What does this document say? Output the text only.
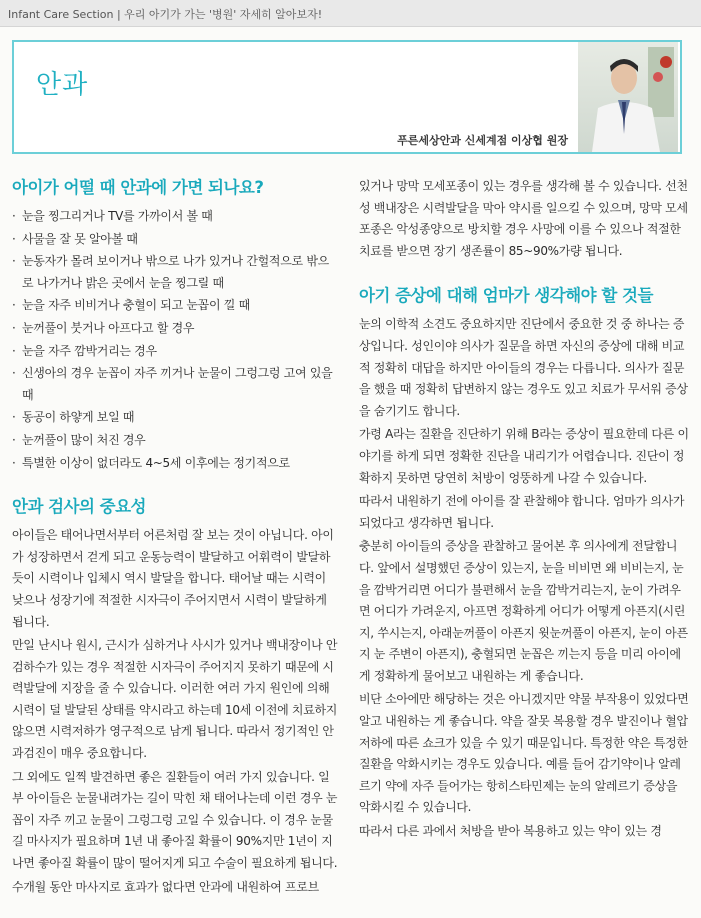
Infant Care Section | 우리 아기가 가는 '병원' 자세히 알아보자!
안과
푸른세상안과 신세계점 이상협 원장
아이가 어떨 때 안과에 가면 되나요?
· 눈을 찡그리거나 TV를 가까이서 볼 때
· 사물을 잘 못 알아볼 때
· 눈동자가 몰려 보이거나 밖으로 나가 있거나 간헐적으로 밖으로 나가거나 밝은 곳에서 눈을 찡그릴 때
· 눈을 자주 비비거나 충혈이 되고 눈꼽이 낄 때
· 눈꺼풀이 붓거나 아프다고 할 경우
· 눈을 자주 깜박거리는 경우
· 신생아의 경우 눈꼽이 자주 끼거나 눈물이 그렁그렁 고여 있을 때
· 동공이 하얗게 보일 때
· 눈꺼풀이 많이 처진 경우
· 특별한 이상이 없더라도 4~5세 이후에는 정기적으로
안과 검사의 중요성

아이들은 태어나면서부터 어른처럼 잘 보는 것이 아닙니다. 아이가 성장하면서 걷게 되고 운동능력이 발달하고 어휘력이 발달하듯이 시력이나 입체시 역시 발달을 합니다. 태어날 때는 시력이 낮으나 성장기에 적절한 시자극이 주어지면서 시력이 발달하게 됩니다.

만일 난시나 원시, 근시가 심하거나 사시가 있거나 백내장이나 안검하수가 있는 경우 적절한 시자극이 주어지지 못하기 때문에 시력발달에 지장을 줄 수 있습니다. 이러한 여러 가지 원인에 의해 시력이 덜 발달된 상태를 약시라고 하는데 10세 이전에 치료하지 않으면 시력저하가 영구적으로 남게 됩니다. 따라서 정기적인 안과검진이 매우 중요합니다.

그 외에도 일찍 발견하면 좋은 질환들이 여러 가지 있습니다. 일부 아이들은 눈물내려가는 길이 막힌 채 태어나는데 이런 경우 눈꼽이 자주 끼고 눈물이 그렁그렁 고일 수 있습니다. 이 경우 눈물길 마사지가 필요하며 1년 내 좋아질 확률이 90%지만 1년이 지나면 좋아질 확률이 많이 떨어지게 되고 수술이 필요하게 됩니다.

수개월 동안 마사지로 효과가 없다면 안과에 내원하여 프로브

있거나 망막 모세포종이 있는 경우를 생각해 볼 수 있습니다. 선천성 백내장은 시력발달을 막아 약시를 일으킬 수 있으며, 망막 모세포종은 악성종양으로 방치할 경우 사망에 이를 수 있으나 적절한 치료를 받으면 장기 생존률이 85~90%가량 됩니다.

아기 증상에 대해 엄마가 생각해야 할 것들

눈의 이학적 소견도 중요하지만 진단에서 중요한 것 중 하나는 증상입니다. 성인이야 의사가 질문을 하면 자신의 증상에 대해 비교적 정확히 대답을 하지만 아이들의 경우는 다릅니다. 의사가 질문을 했을 때 정확히 답변하지 않는 경우도 있고 치료가 무서워 증상을 숨기기도 합니다.

가령 A라는 질환을 진단하기 위해 B라는 증상이 필요한데 다른 이야기를 하게 되면 정확한 진단을 내리기가 어렵습니다. 진단이 정확하지 못하면 당연히 처방이 엉뚱하게 나갈 수 있습니다.

따라서 내원하기 전에 아이를 잘 관찰해야 합니다. 엄마가 의사가 되었다고 생각하면 됩니다.

충분히 아이들의 증상을 관찰하고 물어본 후 의사에게 전달합니다. 앞에서 설명했던 증상이 있는지, 눈을 비비면 왜 비비는지, 눈을 깜박거리면 어디가 불편해서 눈을 깜박거리는지, 눈이 가려우면 어디가 가려운지, 아프면 정확하게 어디가 어떻게 아픈지(시린지, 쑤시는지, 아래눈꺼풀이 아픈지 윗눈꺼풀이 아픈지, 눈이 아픈지 눈 주변이 아픈지), 충혈되면 눈꼽은 끼는지 등을 미리 아이에게 정확하게 물어보고 내원하는 게 좋습니다.

비단 소아에만 해당하는 것은 아니겠지만 약물 부작용이 있었다면 알고 내원하는 게 좋습니다. 약을 잘못 복용할 경우 발진이나 혈압저하에 따른 쇼크가 있을 수 있기 때문입니다. 특정한 약은 특정한 질환을 악화시키는 경우도 있습니다. 예를 들어 감기약이나 알레르기 약에 자주 들어가는 항히스타민제는 눈의 알레르기 증상을 악화시킬 수 있습니다.

따라서 다른 과에서 처방을 받아 복용하고 있는 약이 있는 경
